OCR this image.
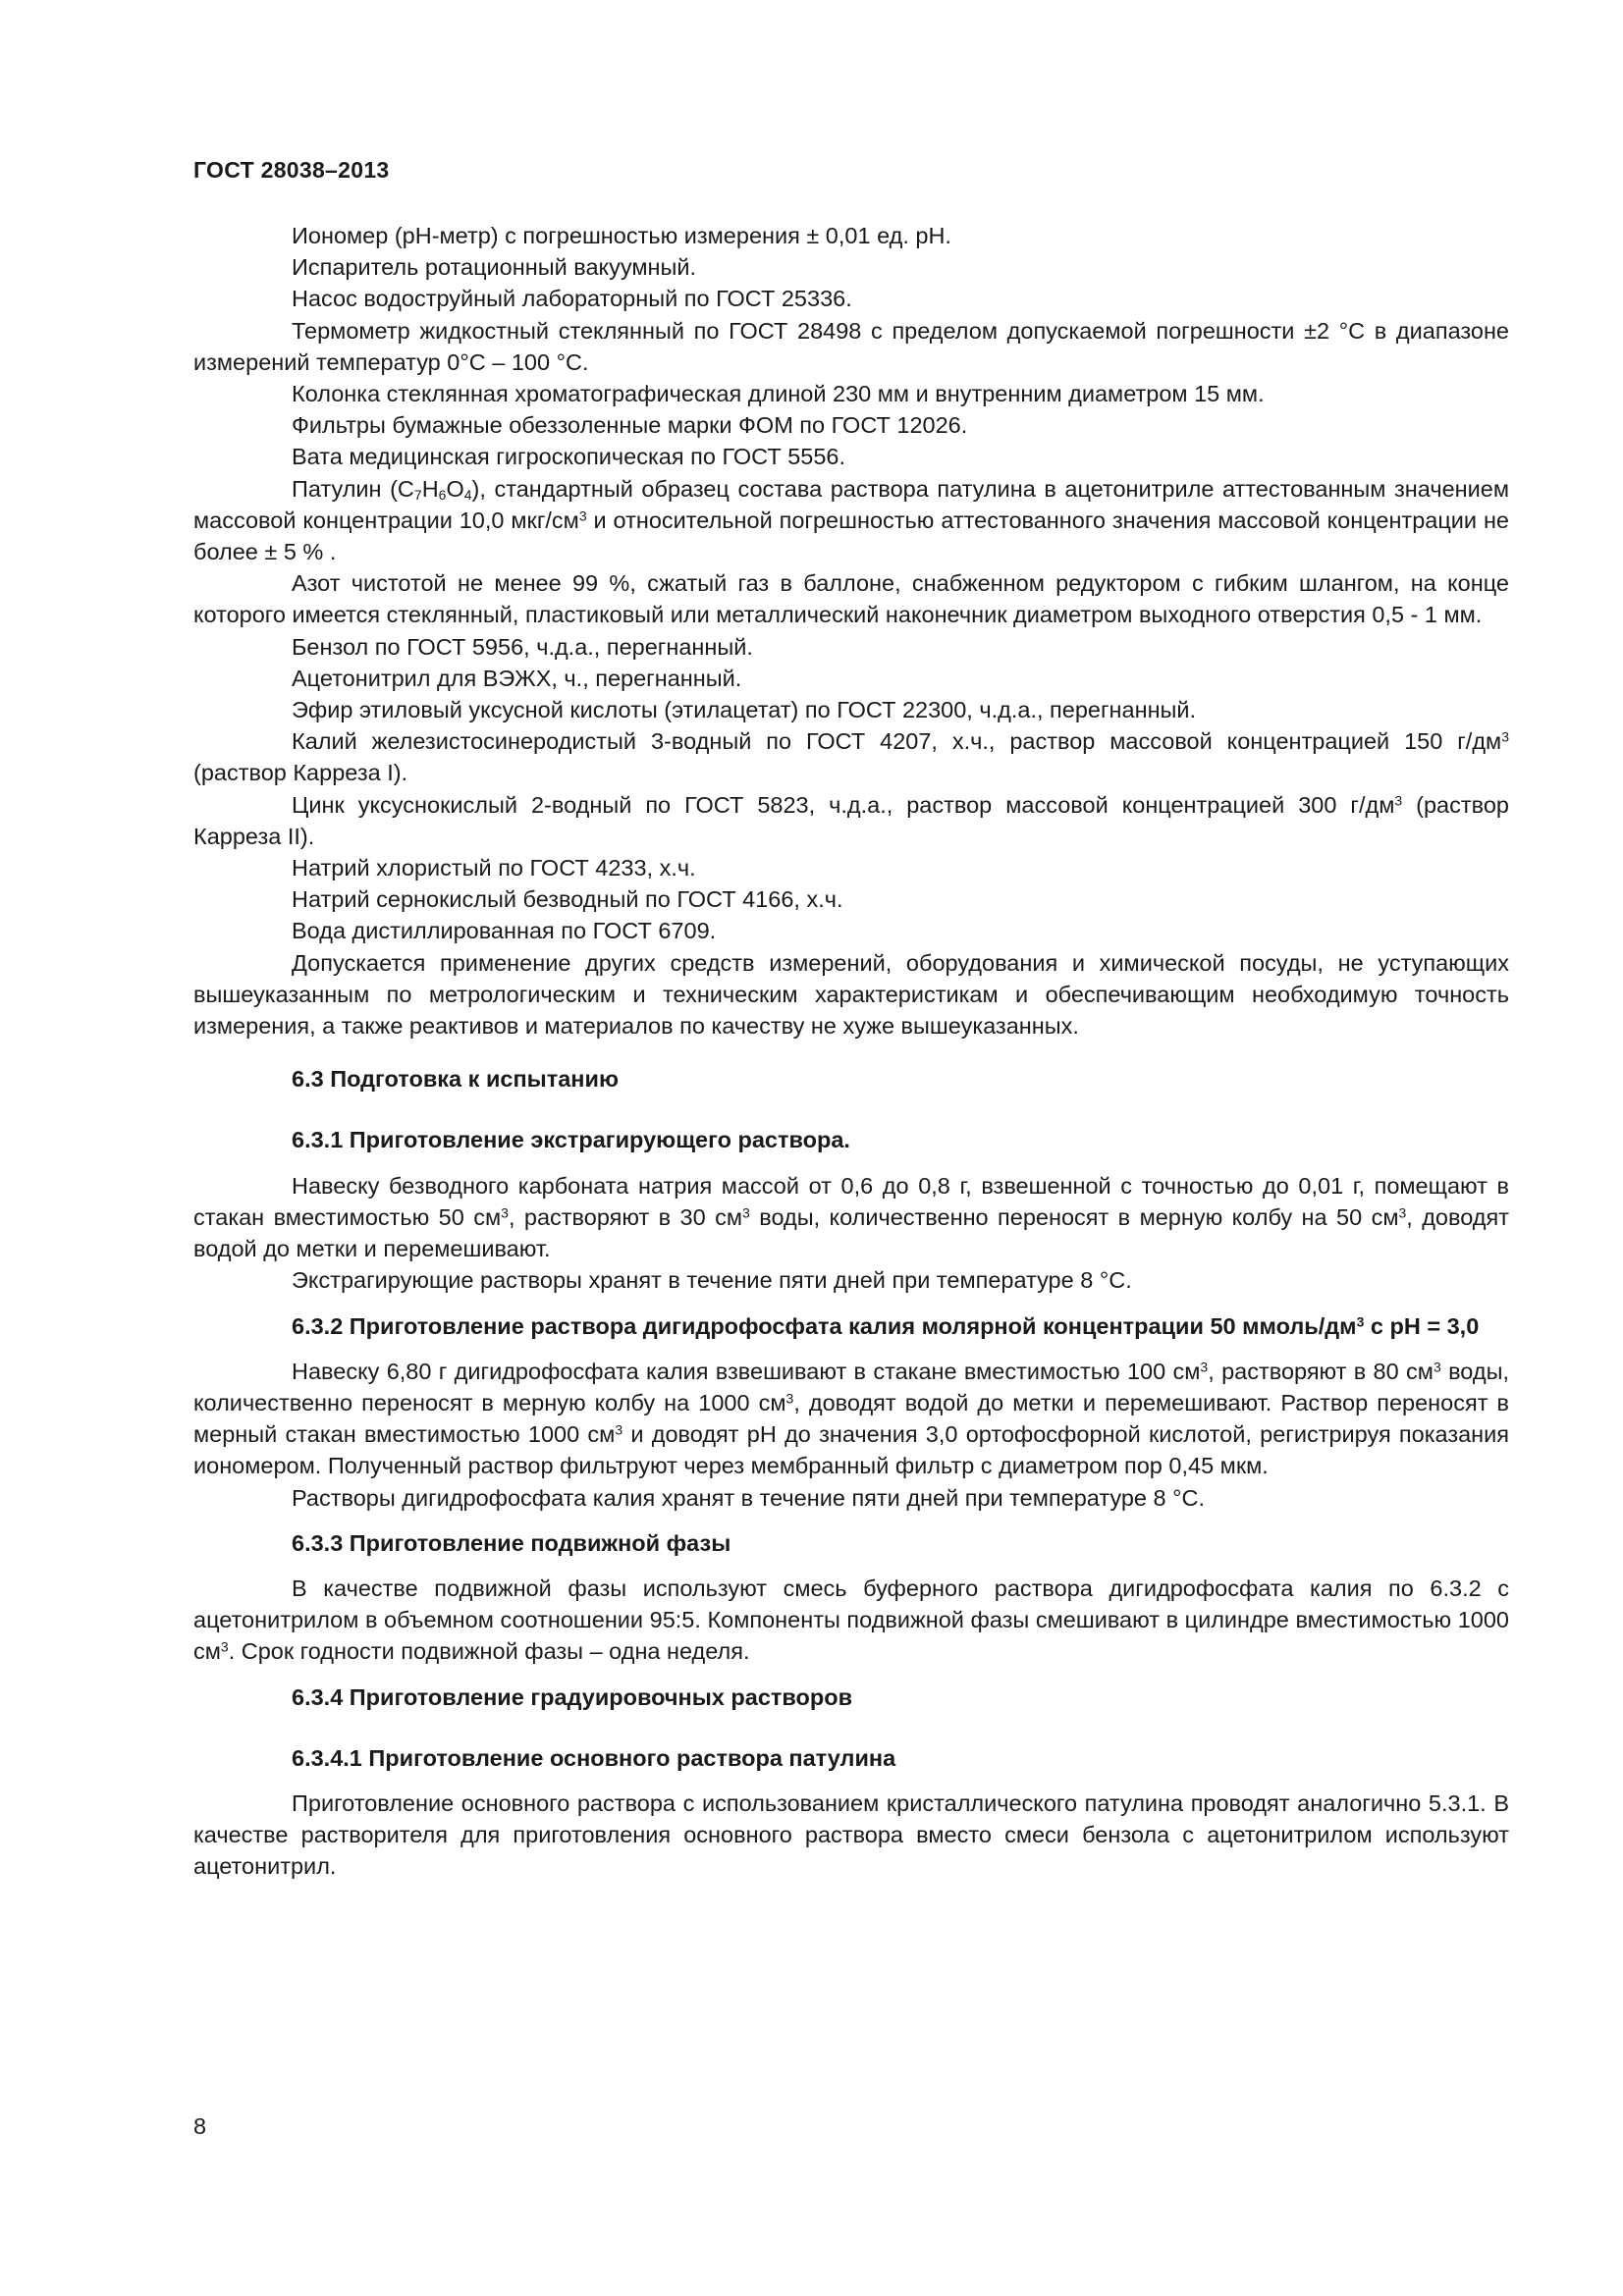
ГОСТ 28038–2013

Иономер (pH-метр) с погрешностью измерения ± 0,01 ед. pH.

Испаритель ротационный вакуумный.

Насос водоструйный лабораторный по ГОСТ 25336.

Термометр жидкостный стеклянный по ГОСТ 28498 с пределом допускаемой погрешности ±2 °С в диапазоне измерений температур 0°С – 100 °С.

Колонка стеклянная хроматографическая длиной 230 мм и внутренним диаметром 15 мм.

Фильтры бумажные обеззоленные марки ФОМ по ГОСТ 12026.

Вата медицинская гигроскопическая по ГОСТ 5556.

Патулин $(С_7Н_6О_4)$, стандартный образец состава раствора патулина в ацетонитриле аттестованным значением массовой концентрации 10,0 мкг/$см^3$ и относительной погрешностью аттестованного значения массовой концентрации не более ± 5 % .

Азот чистотой не менее 99 %, сжатый газ в баллоне, снабженном редуктором с гибким шлангом, на конце которого имеется стеклянный, пластиковый или металлический наконечник диаметром выходного отверстия 0,5 - 1 мм.

Бензол по ГОСТ 5956, ч.д.а., перегнанный.

Ацетонитрил для ВЭЖХ, ч., перегнанный.

Эфир этиловый уксусной кислоты (этилацетат) по ГОСТ 22300, ч.д.а., перегнанный.

Калий железистосинеродистый 3-водный по ГОСТ 4207, х.ч., раствор массовой концентрацией 150 $г/дм^3$ (раствор Карреза I).

Цинк уксуснокислый 2-водный по ГОСТ 5823, ч.д.а., раствор массовой концентрацией 300 $г/дм^3$ (раствор Карреза II).

Натрий хлористый по ГОСТ 4233, х.ч.

Натрий сернокислый безводный по ГОСТ 4166, х.ч.

Вода дистиллированная по ГОСТ 6709.

Допускается применение других средств измерений, оборудования и химической посуды, не уступающих вышеуказанным по метрологическим и техническим характеристикам и обеспечивающим необходимую точность измерения, а также реактивов и материалов по качеству не хуже вышеуказанных.

6.3 Подготовка к испытанию

6.3.1 Приготовление экстрагирующего раствора.

Навеску безводного карбоната натрия массой от 0,6 до 0,8 г, взвешенной с точностью до 0,01 г, помещают в стакан вместимостью 50 $см^3$, растворяют в 30 $см^3$ воды, количественно переносят в мерную колбу на 50 $см^3$, доводят водой до метки и перемешивают.

Экстрагирующие растворы хранят в течение пяти дней при температуре 8 °С.

6.3.2 Приготовление раствора дигидрофосфата калия молярной концентрации 50 ммоль/$дм^3$ с рН = 3,0

Навеску 6,80 г дигидрофосфата калия взвешивают в стакане вместимостью 100 $см^3$, растворяют в 80 $см^3$ воды, количественно переносят в мерную колбу на 1000 $см^3$, доводят водой до метки и перемешивают. Раствор переносят в мерный стакан вместимостью 1000 $см^3$ и доводят рН до значения 3,0 ортофосфорной кислотой, регистрируя показания иономером. Полученный раствор фильтруют через мембранный фильтр с диаметром пор 0,45 мкм.

Растворы дигидрофосфата калия хранят в течение пяти дней при температуре 8 °С.

6.3.3 Приготовление подвижной фазы

В качестве подвижной фазы используют смесь буферного раствора дигидрофосфата калия по 6.3.2 с ацетонитрилом в объемном соотношении 95:5. Компоненты подвижной фазы смешивают в цилиндре вместимостью 1000 $см^3$. Срок годности подвижной фазы – одна неделя.

6.3.4 Приготовление градуировочных растворов

6.3.4.1 Приготовление основного раствора патулина

Приготовление основного раствора с использованием кристаллического патулина проводят аналогично 5.3.1. В качестве растворителя для приготовления основного раствора вместо смеси бензола с ацетонитрилом используют ацетонитрил.

8
